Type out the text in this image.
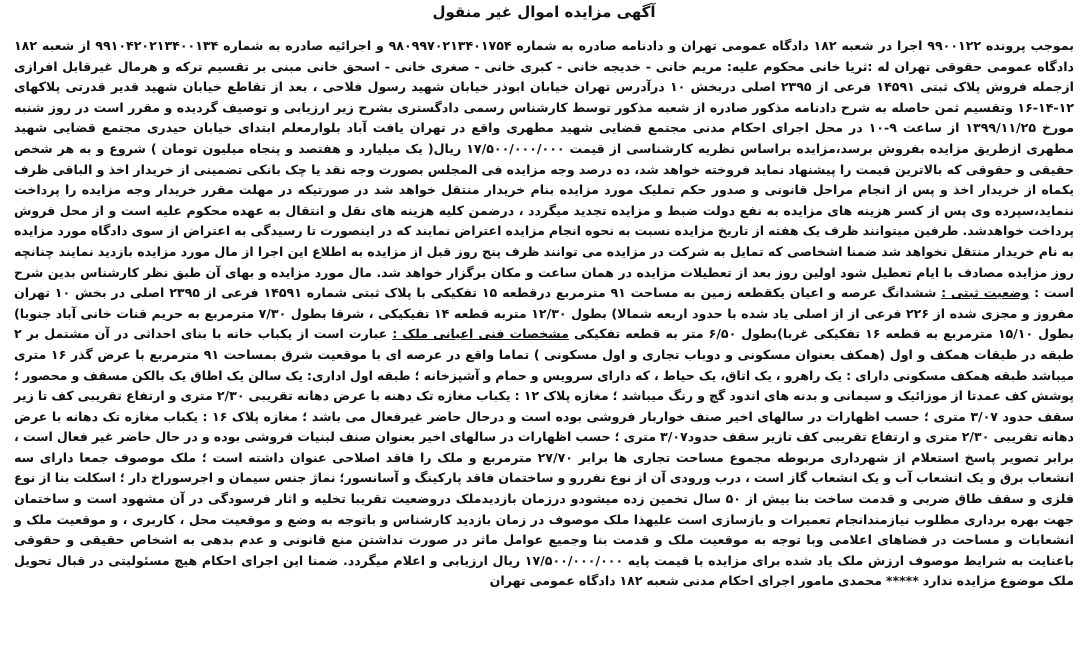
آگهی مزایده اموال غیر منقول

بموجب پرونده ۹۹۰۰۱۲۲ اجرا در شعبه ۱۸۲ دادگاه عمومی تهران و دادنامه صادره به شماره ۹۸۰۹۹۷۰۲۱۳۴۰۱۷۵۴ و اجرائیه صادره به شماره ۹۹۱۰۴۲۰۲۱۳۴۰۰۱۳۴ از شعبه ۱۸۲ دادگاه عمومی حقوقی تهران له :ثریا خانی محکوم علیه: مریم خانی - خدیجه خانی - کبری خانی - صغری خانی - اسحق خانی مبنی بر تقسیم ترکه و هرمال غیرقابل افرازی ازجمله فروش پلاک ثبتی ۱۴۵۹۱ فرعی از ۲۳۹۵ اصلی دربخش ۱۰ درآدرس تهران خیابان ابوذر خیابان شهید رسول فلاحی ، بعد از تقاطع خیابان شهید قدیر قدرتی پلاکهای ۱۲-۱۴-۱۶ وتقسیم ثمن حاصله به شرح دادنامه مذکور صادره از شعبه مذکور توسط کارشناس رسمی دادگستری بشرح زیر ارزیابی و توصیف گردیده و مقرر است در روز شنبه مورخ ۱۳۹۹/۱۱/۲۵ از ساعت ۹-۱۰ در محل اجرای احکام مدنی مجتمع قضایی شهید مطهری واقع در تهران یافت آباد بلوارمعلم ابتدای خیابان حیدری مجتمع قضایی شهید مطهری ازطریق مزایده بفروش برسد،مزایده براساس نظریه کارشناسی از قیمت ۱۷/۵۰۰/۰۰۰/۰۰۰ ریال( یک میلیارد و هفتصد و پنجاه میلیون تومان ) شروع و به هر شخص حقیقی و حقوقی که بالاترین قیمت را پیشنهاد نماید فروخته خواهد شد، ده درصد وجه مزایده فی المجلس بصورت وجه نقد یا چک بانکی تضمینی از خریدار اخذ و الباقی ظرف یکماه از خریدار اخذ و پس از انجام مراحل قانونی و صدور حکم تملیک مورد مزایده بنام خریدار منتقل خواهد شد در صورتیکه در مهلت مقرر خریدار وجه مزایده را پرداخت ننماید،سپرده وی پس از کسر هزینه های مزایده به نفع دولت ضبط و مزایده تجدید میگردد ، درضمن کلیه هزینه های نقل و انتقال به عهده محکوم علیه است و از محل فروش پرداخت خواهدشد. طرفین میتوانند ظرف یک هفته از تاریخ مزایده نسبت به نحوه انجام مزایده اعتراض نمایند که در اینصورت تا رسیدگی به اعتراض از سوی دادگاه مورد مزایده به نام خریدار منتقل نخواهد شد ضمنا اشخاصی که تمایل به شرکت در مزایده می توانند ظرف پنج روز قبل از مزایده به اطلاع این اجرا از مال مورد مزایده بازدید نمایند چنانچه روز مزایده مصادف با ایام تعطیل شود اولین روز بعد از تعطیلات مزایده در همان ساعت و مکان برگزار خواهد شد. مال مورد مزایده و بهای آن طبق نظر کارشناس بدین شرح است : وضعیت ثبتی : ششدانگ عرصه و اعیان یکقطعه زمین به مساحت ۹۱ مترمربع درقطعه ۱۵ تفکیکی با پلاک ثبتی شماره ۱۴۵۹۱ فرعی از ۲۳۹۵ اصلی در بخش ۱۰ تهران مفروز و مجزی شده از ۲۲۶ فرعی از از اصلی یاد شده با حدود اربعه شمالا) بطول ۱۲/۳۰ متربه قطعه ۱۴ تفیکیکی ، شرقا بطول ۷/۳۰ مترمربع به حریم قنات خانی آباد جنوبا) بطول ۱۵/۱۰ مترمربع به قطعه ۱۶ تفکیکی غربا)بطول ۶/۵۰ متر به قطعه تفکیکی مشخصات فنی اعیانی ملک : عبارت است از یکباب خانه با بنای احداثی در آن مشتمل بر ۲ طبقه در طبقات همکف و اول (همکف بعنوان مسکونی و دوباب تجاری و اول مسکونی ) تماما واقع در عرصه ای با موقعیت شرق بمساحت ۹۱ مترمربع با عرض گذر ۱۶ متری میباشد طبقه همکف مسکونی دارای : یک راهرو ، یک اتاق، یک حیاط ، که دارای سرویس و حمام و آشپزخانه ؛ طبقه اول اداری: یک سالن یک اطاق یک بالکن مسقف و محصور ؛ پوشش کف عمدتا از موزائیک و سیمانی و بدنه های اندود گچ و رنگ میباشد ؛ مغازه پلاک ۱۲ : یکباب مغازه تک دهنه با عرض دهانه تقریبی ۲/۳۰ متری و ارتفاع تقریبی کف تا زیر سقف حدود ۳/۰۷ متری ؛ حسب اظهارات در سالهای اخیر صنف خواربار فروشی بوده است و درحال حاضر غیرفعال می باشد ؛ مغازه پلاک ۱۶ : یکباب مغازه تک دهانه با عرض دهانه تقریبی ۲/۳۰ متری و ارتفاع تقریبی کف تازیر سقف حدود۳/۰۷ متری ؛ حسب اظهارات در سالهای اخیر بعنوان صنف لبنیات فروشی بوده و در حال حاضر غیر فعال است ، برابر تصویر پاسخ استعلام از شهرداری مربوطه مجموع مساحت تجاری ها برابر ۲۷/۷۰ مترمربع و ملک را فاقد اصلاحی عنوان داشته است ؛ ملک موصوف جمعا دارای سه انشعاب برق و یک انشعاب آب و یک انشعاب گاز است ، درب ورودی آن از نوع نفررو و ساختمان فاقد پارکینگ و آسانسور؛ نماژ جنس سیمان و اجرسوراخ دار ؛ اسکلت بنا از نوع فلزی و سقف طاق ضربی و قدمت ساخت بنا بیش از ۵۰ سال تخمین زده میشودو درزمان بازدیدملک دروضعیت تقریبا تخلیه و اثار فرسودگی در آن مشهود است و ساختمان جهت بهره برداری مطلوب نیازمندانجام تعمیرات و بازسازی است علیهذا ملک موصوف در زمان بازدید کارشناس و باتوجه به وضع و موقعیت محل ، کاربری ، و موقعیت ملک و انشعابات و مساحت در فضاهای اعلامی وبا توجه به موقعیت ملک و قدمت بنا وجمیع عوامل ماثر در صورت نداشتن منع قانونی و عدم بدهی به اشخاص حقیقی و حقوقی باعنایت به شرایط موصوف ارزش ملک یاد شده برای مزایده با قیمت پایه ۱۷/۵۰۰/۰۰۰/۰۰۰ ریال ارزیابی و اعلام میگردد. ضمنا این اجرای احکام هیچ مسئولیتی در قبال تحویل ملک موضوع مزایده ندارد ***** محمدی مامور اجرای احکام مدنی شعبه ۱۸۲ دادگاه عمومی تهران
